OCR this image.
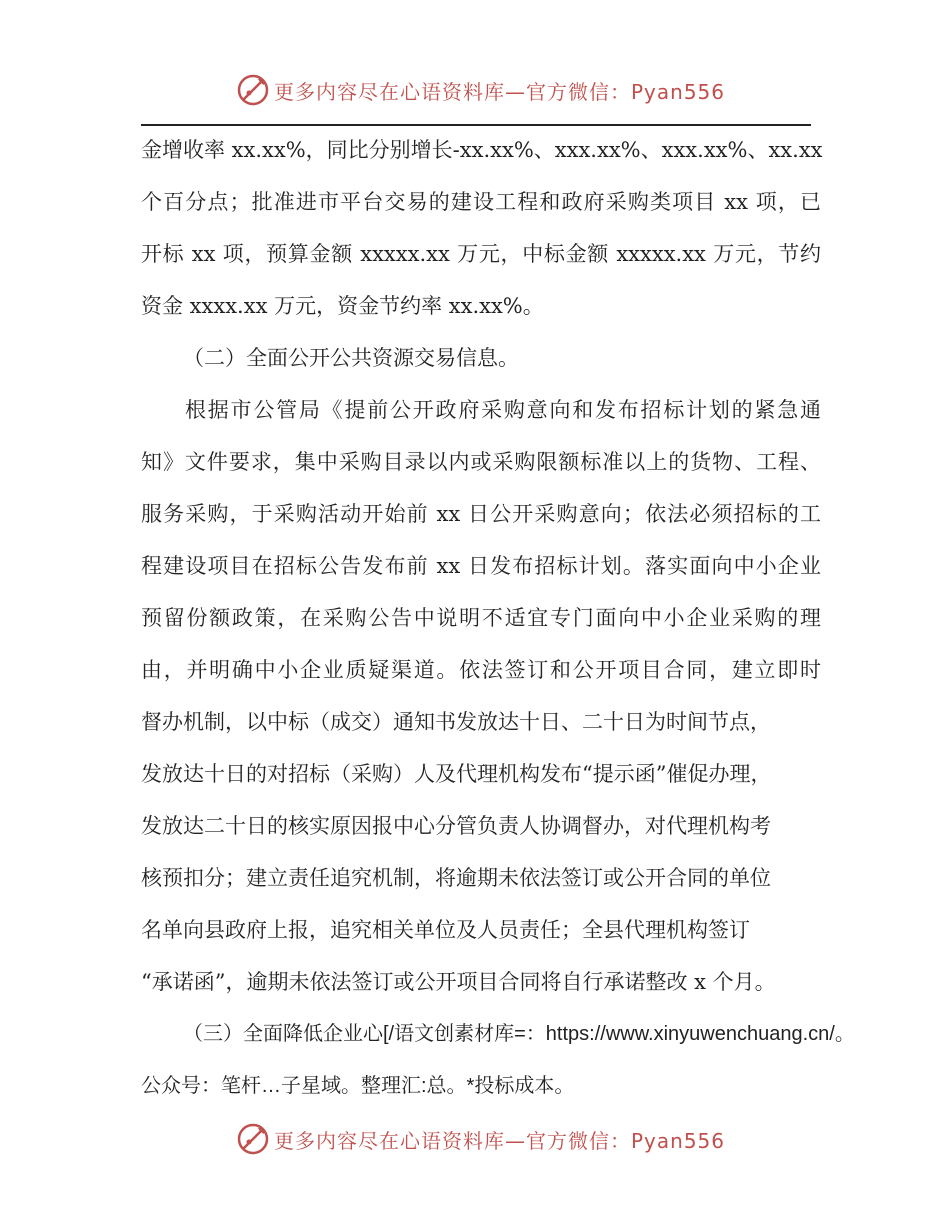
更多内容尽在心语资料库—官方微信：Pyan556
金增收率 xx.xx%，同比分别增长-xx.xx%、xxx.xx%、xxx.xx%、xx.xx
个百分点；批准进市平台交易的建设工程和政府采购类项目 xx 项，已
开标 xx 项，预算金额 xxxxx.xx 万元，中标金额 xxxxx.xx 万元，节约
资金 xxxx.xx 万元，资金节约率 xx.xx%。
（二）全面公开公共资源交易信息。
根据市公管局《提前公开政府采购意向和发布招标计划的紧急通
知》文件要求，集中采购目录以内或采购限额标准以上的货物、工程、
服务采购，于采购活动开始前 xx 日公开采购意向；依法必须招标的工
程建设项目在招标公告发布前 xx 日发布招标计划。落实面向中小企业
预留份额政策，在采购公告中说明不适宜专门面向中小企业采购的理
由，并明确中小企业质疑渠道。依法签订和公开项目合同，建立即时
督办机制，以中标（成交）通知书发放达十日、二十日为时间节点，
发放达十日的对招标（采购）人及代理机构发布“提示函”催促办理，
发放达二十日的核实原因报中心分管负责人协调督办，对代理机构考
核预扣分；建立责任追究机制，将逾期未依法签订或公开合同的单位
名单向县政府上报，追究相关单位及人员责任；全县代理机构签订
“承诺函”，逾期未依法签订或公开项目合同将自行承诺整改 x 个月。
（三）全面降低企业心[/语文创素材库=：https://www.xinyuwenchuang.cn/。
公众号：笔杆…子星域。整理汇:总。*投标成本。
更多内容尽在心语资料库—官方微信：Pyan556
